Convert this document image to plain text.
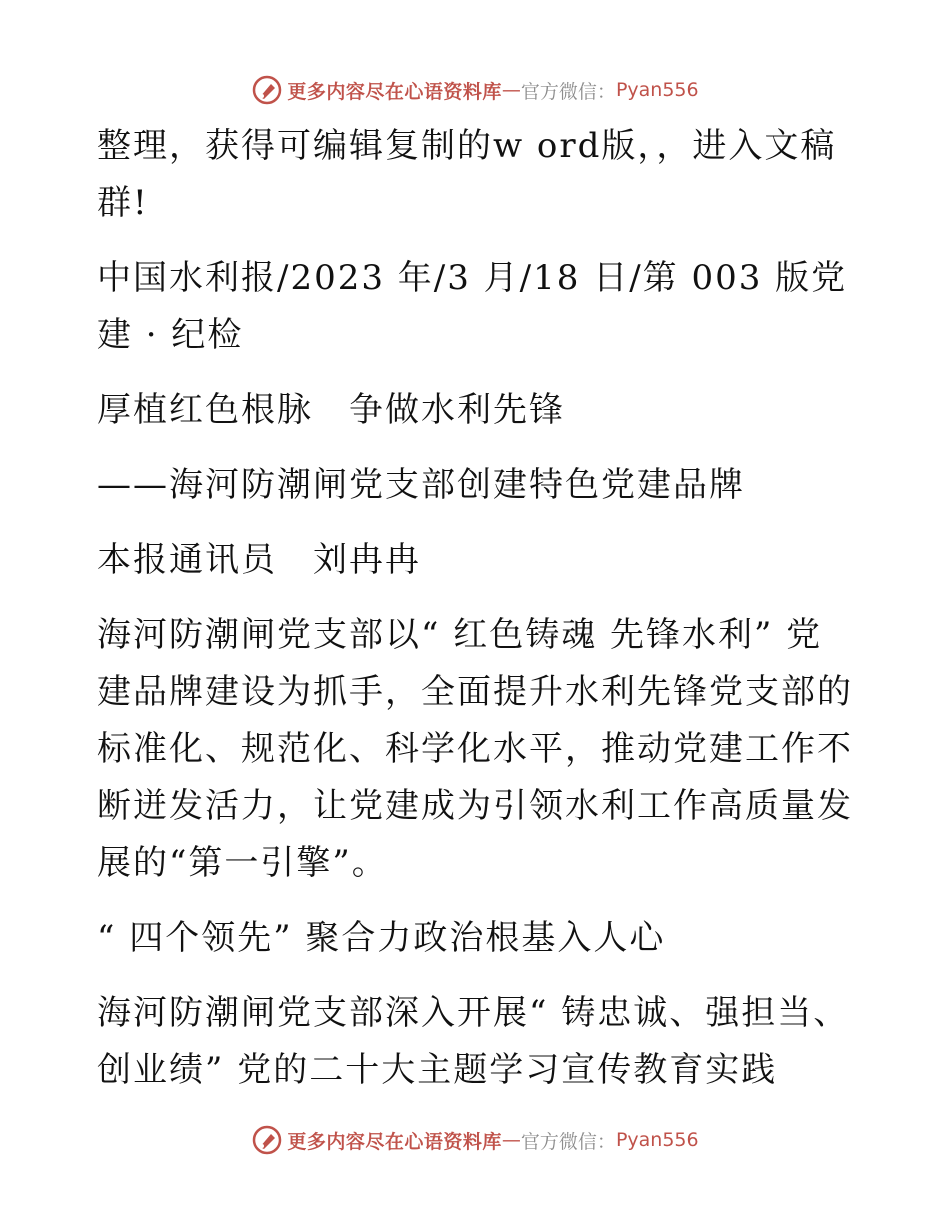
更多内容尽在心语资料库 — 官方微信： Pyan556

整理，获得可编辑复制的w ord版，，进入文稿群!

中国水利报/2023 年/3 月/18 日/第 003 版党建 · 纪检

厚植红色根脉　争做水利先锋

——海河防潮闸党支部创建特色党建品牌

本报通讯员　刘冉冉

海河防潮闸党支部以“ 红色铸魂 先锋水利” 党建品牌建设为抓手，全面提升水利先锋党支部的标准化、规范化、科学化水平，推动党建工作不断迸发活力，让党建成为引领水利工作高质量发展的“第一引擎”。

“ 四个领先” 聚合力政治根基入人心

海河防潮闸党支部深入开展“ 铸忠诚、强担当、创业绩” 党的二十大主题学习宣传教育实践

更多内容尽在心语资料库 — 官方微信： Pyan556
